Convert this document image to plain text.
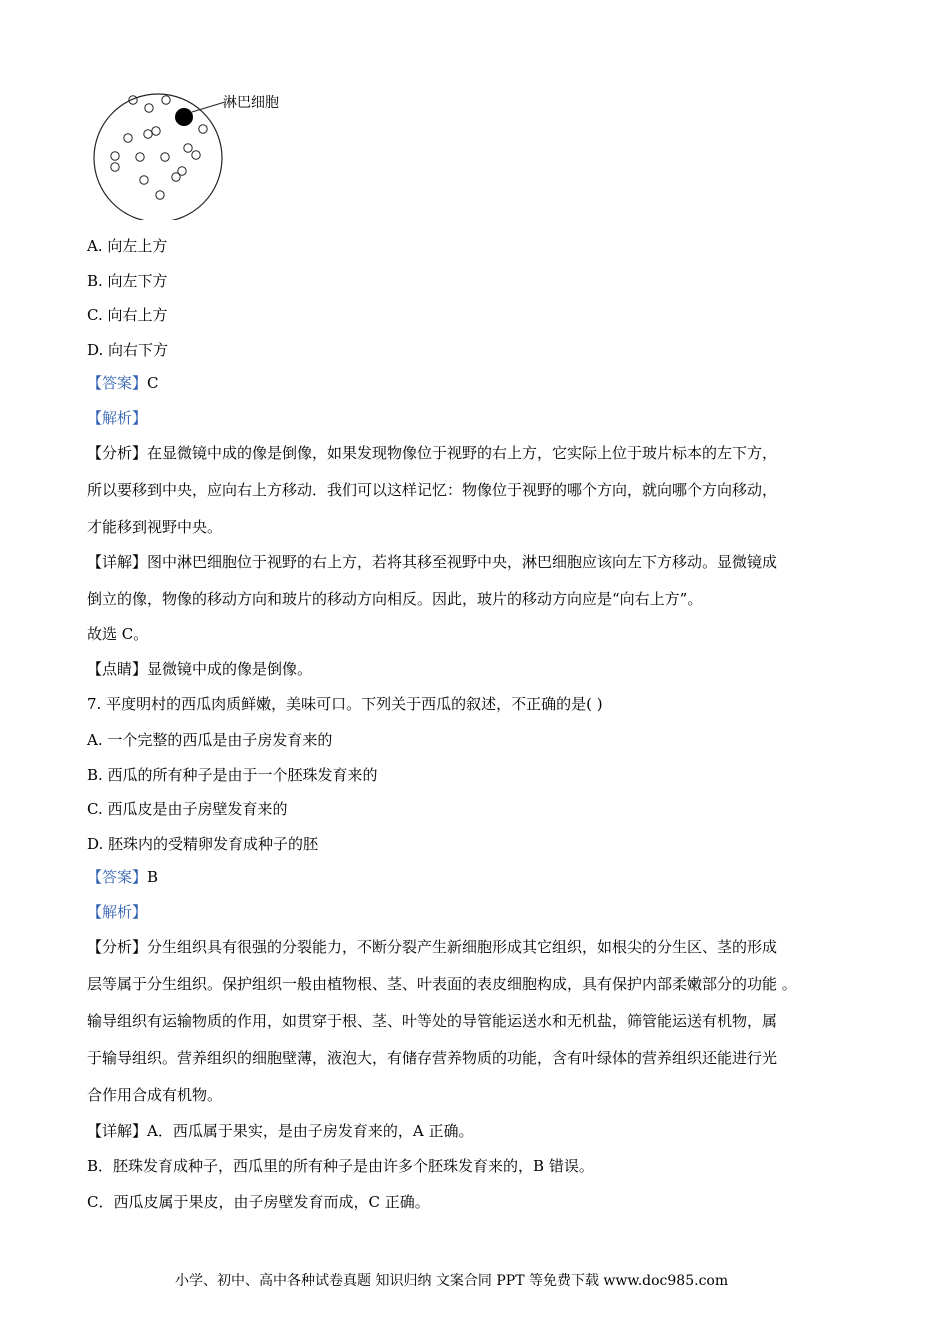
淋巴细胞
A. 向左上方
B. 向左下方
C. 向右上方
D. 向右下方
【答案】C
【解析】
【分析】在显微镜中成的像是倒像，如果发现物像位于视野的右上方，它实际上位于玻片标本的左下方，
所以要移到中央，应向右上方移动．我们可以这样记忆：物像位于视野的哪个方向，就向哪个方向移动，
才能移到视野中央。
【详解】图中淋巴细胞位于视野的右上方，若将其移至视野中央，淋巴细胞应该向左下方移动。显微镜成
倒立的像，物像的移动方向和玻片的移动方向相反。因此，玻片的移动方向应是“向右上方”。
故选 C。
【点睛】显微镜中成的像是倒像。
7. 平度明村的西瓜肉质鲜嫩，美味可口。下列关于西瓜的叙述，不正确的是( )
A. 一个完整的西瓜是由子房发育来的
B. 西瓜的所有种子是由于一个胚珠发育来的
C. 西瓜皮是由子房壁发育来的
D. 胚珠内的受精卵发育成种子的胚
【答案】B
【解析】
【分析】分生组织具有很强的分裂能力，不断分裂产生新细胞形成其它组织，如根尖的分生区、茎的形成
层等属于分生组织。保护组织一般由植物根、茎、叶表面的表皮细胞构成，具有保护内部柔嫩部分的功能 。
输导组织有运输物质的作用，如贯穿于根、茎、叶等处的导管能运送水和无机盐，筛管能运送有机物，属
于输导组织。营养组织的细胞壁薄，液泡大，有储存营养物质的功能，含有叶绿体的营养组织还能进行光
合作用合成有机物。
【详解】A．西瓜属于果实，是由子房发育来的，A 正确。
B．胚珠发育成种子，西瓜里的所有种子是由许多个胚珠发育来的，B 错误。
C．西瓜皮属于果皮，由子房壁发育而成，C 正确。
小学、初中、高中各种试卷真题 知识归纳 文案合同 PPT 等免费下载 www.doc985.com
